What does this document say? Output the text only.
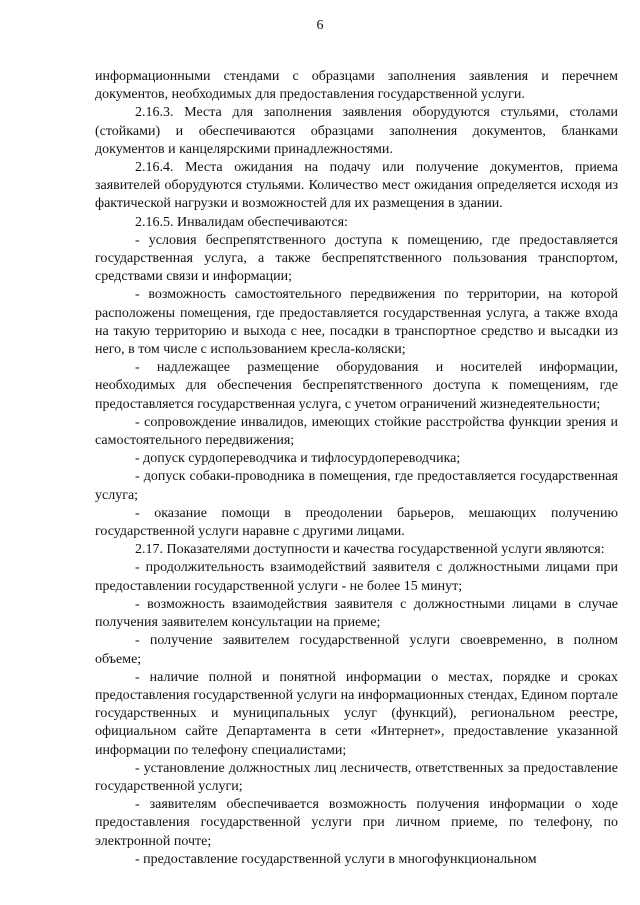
6

информационными стендами с образцами заполнения заявления и перечнем документов, необходимых для предоставления государственной услуги.

2.16.3. Места для заполнения заявления оборудуются стульями, столами (стойками) и обеспечиваются образцами заполнения документов, бланками документов и канцелярскими принадлежностями.

2.16.4. Места ожидания на подачу или получение документов, приема заявителей оборудуются стульями. Количество мест ожидания определяется исходя из фактической нагрузки и возможностей для их размещения в здании.

2.16.5. Инвалидам обеспечиваются:

- условия беспрепятственного доступа к помещению, где предоставляется государственная услуга, а также беспрепятственного пользования транспортом, средствами связи и информации;

- возможность самостоятельного передвижения по территории, на которой расположены помещения, где предоставляется государственная услуга, а также входа на такую территорию и выхода с нее, посадки в транспортное средство и высадки из него, в том числе с использованием кресла-коляски;

- надлежащее размещение оборудования и носителей информации, необходимых для обеспечения беспрепятственного доступа к помещениям, где предоставляется государственная услуга, с учетом ограничений жизнедеятельности;

- сопровождение инвалидов, имеющих стойкие расстройства функции зрения и самостоятельного передвижения;

- допуск сурдопереводчика и тифлосурдопереводчика;

- допуск собаки-проводника в помещения, где предоставляется государственная услуга;

- оказание помощи в преодолении барьеров, мешающих получению государственной услуги наравне с другими лицами.

2.17. Показателями доступности и качества государственной услуги являются:

- продолжительность взаимодействий заявителя с должностными лицами при предоставлении государственной услуги - не более 15 минут;

- возможность взаимодействия заявителя с должностными лицами в случае получения заявителем консультации на приеме;

- получение заявителем государственной услуги своевременно, в полном объеме;

- наличие полной и понятной информации о местах, порядке и сроках предоставления государственной услуги на информационных стендах, Едином портале государственных и муниципальных услуг (функций), региональном реестре, официальном сайте Департамента в сети «Интернет», предоставление указанной информации по телефону специалистами;

- установление должностных лиц лесничеств, ответственных за предоставление государственной услуги;

- заявителям обеспечивается возможность получения информации о ходе предоставления государственной услуги при личном приеме, по телефону, по электронной почте;

- предоставление государственной услуги в многофункциональном
